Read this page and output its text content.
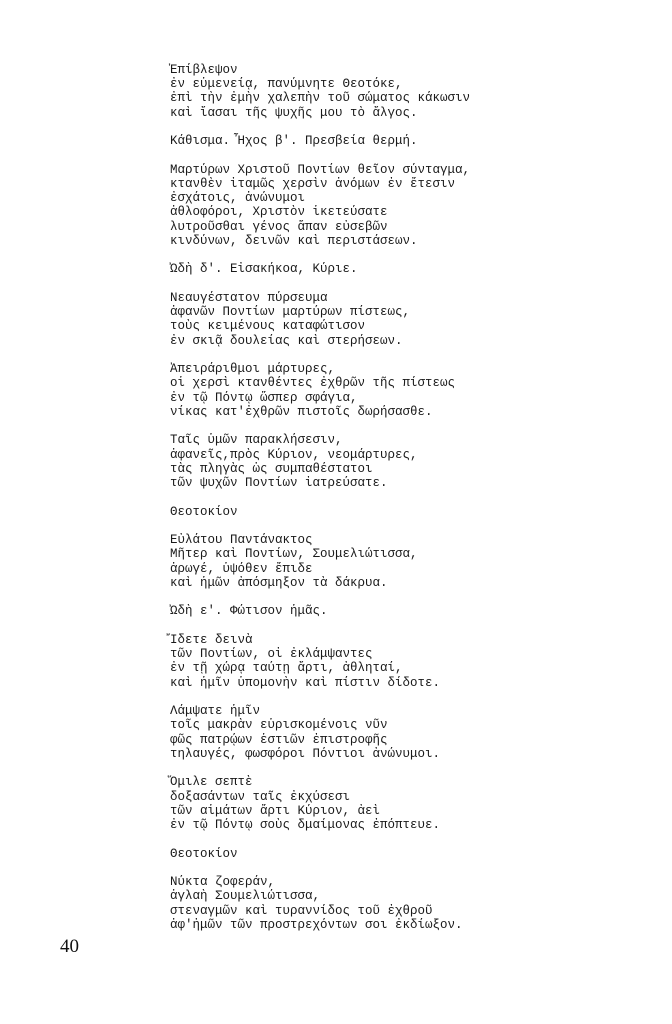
Ἐπίβλεψον
ἐν εὐμενείᾳ, πανύμνητε Θεοτόκε,
ἐπὶ τὴν ἐμὴν χαλεπὴν τοῦ σώματος κάκωσιν
καὶ ἴασαι τῆς ψυχῆς μου τὸ ἄλγος.
Κάθισμα. Ἦχος β'. Πρεσβεία θερμή.
Μαρτύρων Χριστοῦ Ποντίων θεῖον σύνταγμα,
κτανθὲν ἰταμῶς χερσὶν ἀνόμων ἐν ἔτεσιν
ἐσχάτοις, ἀνώνυμοι
ἀθλοφόροι, Χριστὸν ἱκετεύσατε
λυτροῦσθαι γένος ἅπαν εὐσεβῶν
κινδύνων, δεινῶν καὶ περιστάσεων.
Ὠδὴ δ'. Εἰσακήκοα, Κύριε.
Νεαυγέστατον πύρσευμα
ἀφανῶν Ποντίων μαρτύρων πίστεως,
τοὺς κειμένους καταφώτισον
ἐν σκιᾷ δουλείας καὶ στερήσεων.
Ἀπειράριθμοι μάρτυρες,
οἱ χερσὶ κτανθέντες ἐχθρῶν τῆς πίστεως
ἐν τῷ Πόντῳ ὥσπερ σφάγια,
νίκας κατ'ἐχθρῶν πιστοῖς δωρήσασθε.
Ταῖς ὑμῶν παρακλήσεσιν,
ἀφανεῖς,πρὸς Κύριον, νεομάρτυρες,
τὰς πληγὰς ὡς συμπαθέστατοι
τῶν ψυχῶν Ποντίων ἰατρεύσατε.
Θεοτοκίον
Εὐλάτου Παντάνακτος
Μῆτερ καὶ Ποντίων, Σουμελιώτισσα,
ἀρωγέ, ὑψόθεν ἔπιδε
καὶ ἡμῶν ἀπόσμηξον τὰ δάκρυα.
Ὠδὴ ε'. Φώτισον ἡμᾶς.
Ἴδετε δεινὰ
τῶν Ποντίων, οἱ ἐκλάμψαντες
ἐν τῇ χώρᾳ ταύτῃ ἄρτι, ἀθληταί,
καὶ ἡμῖν ὑπομονὴν καὶ πίστιν δίδοτε.
Λάμψατε ἡμῖν
τοῖς μακρὰν εὑρισκομένοις νῦν
φῶς πατρῴων ἑστιῶν ἐπιστροφῆς
τηλαυγές, φωσφόροι Πόντιοι ἀνώνυμοι.
Ὅμιλε σεπτὲ
δοξασάντων ταῖς ἐκχύσεσι
τῶν αἱμάτων ἄρτι Κύριον, ἀεὶ
ἐν τῷ Πόντῳ σοὺς δμαίμονας ἐπόπτευε.
Θεοτοκίον
Νύκτα ζοφεράν,
ἀγλαὴ Σουμελιώτισσα,
στεναγμῶν καὶ τυραννίδος τοῦ ἐχθροῦ
ἀφ'ἡμῶν τῶν προστρεχόντων σοι ἐκδίωξον.
40
